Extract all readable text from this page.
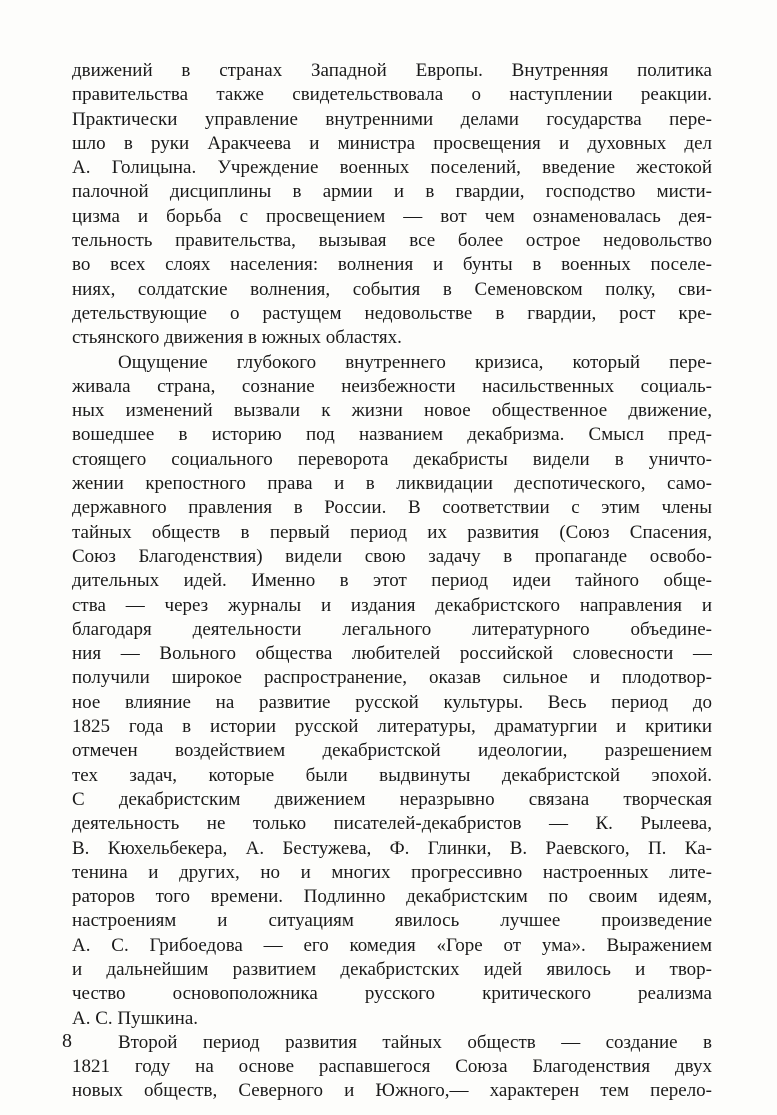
движений в странах Западной Европы. Внутренняя политика
правительства также свидетельствовала о наступлении реакции.
Практически управление внутренними делами государства пере-
шло в руки Аракчеева и министра просвещения и духовных дел
А. Голицына. Учреждение военных поселений, введение жестокой
палочной дисциплины в армии и в гвардии, господство мисти-
цизма и борьба с просвещением — вот чем ознаменовалась дея-
тельность правительства, вызывая все более острое недовольство
во всех слоях населения: волнения и бунты в военных поселе-
ниях, солдатские волнения, события в Семеновском полку, сви-
детельствующие о растущем недовольстве в гвардии, рост кре-
стьянского движения в южных областях.
Ощущение глубокого внутреннего кризиса, который пере-
живала страна, сознание неизбежности насильственных социаль-
ных изменений вызвали к жизни новое общественное движение,
вошедшее в историю под названием декабризма. Смысл пред-
стоящего социального переворота декабристы видели в уничто-
жении крепостного права и в ликвидации деспотического, само-
державного правления в России. В соответствии с этим члены
тайных обществ в первый период их развития (Союз Спасения,
Союз Благоденствия) видели свою задачу в пропаганде освобо-
дительных идей. Именно в этот период идеи тайного обще-
ства — через журналы и издания декабристского направления и
благодаря деятельности легального литературного объедине-
ния — Вольного общества любителей российской словесности —
получили широкое распространение, оказав сильное и плодотвор-
ное влияние на развитие русской культуры. Весь период до
1825 года в истории русской литературы, драматургии и критики
отмечен воздействием декабристской идеологии, разрешением
тех задач, которые были выдвинуты декабристской эпохой.
С декабристским движением неразрывно связана творческая
деятельность не только писателей-декабристов — К. Рылеева,
В. Кюхельбекера, А. Бестужева, Ф. Глинки, В. Раевского, П. Ка-
тенина и других, но и многих прогрессивно настроенных лите-
раторов того времени. Подлинно декабристским по своим идеям,
настроениям и ситуациям явилось лучшее произведение
А. С. Грибоедова — его комедия «Горе от ума». Выражением
и дальнейшим развитием декабристских идей явилось и твор-
чество основоположника русского критического реализма
А. С. Пушкина.
Второй период развития тайных обществ — создание в
1821 году на основе распавшегося Союза Благоденствия двух
новых обществ, Северного и Южного,— характерен тем перело-
8
